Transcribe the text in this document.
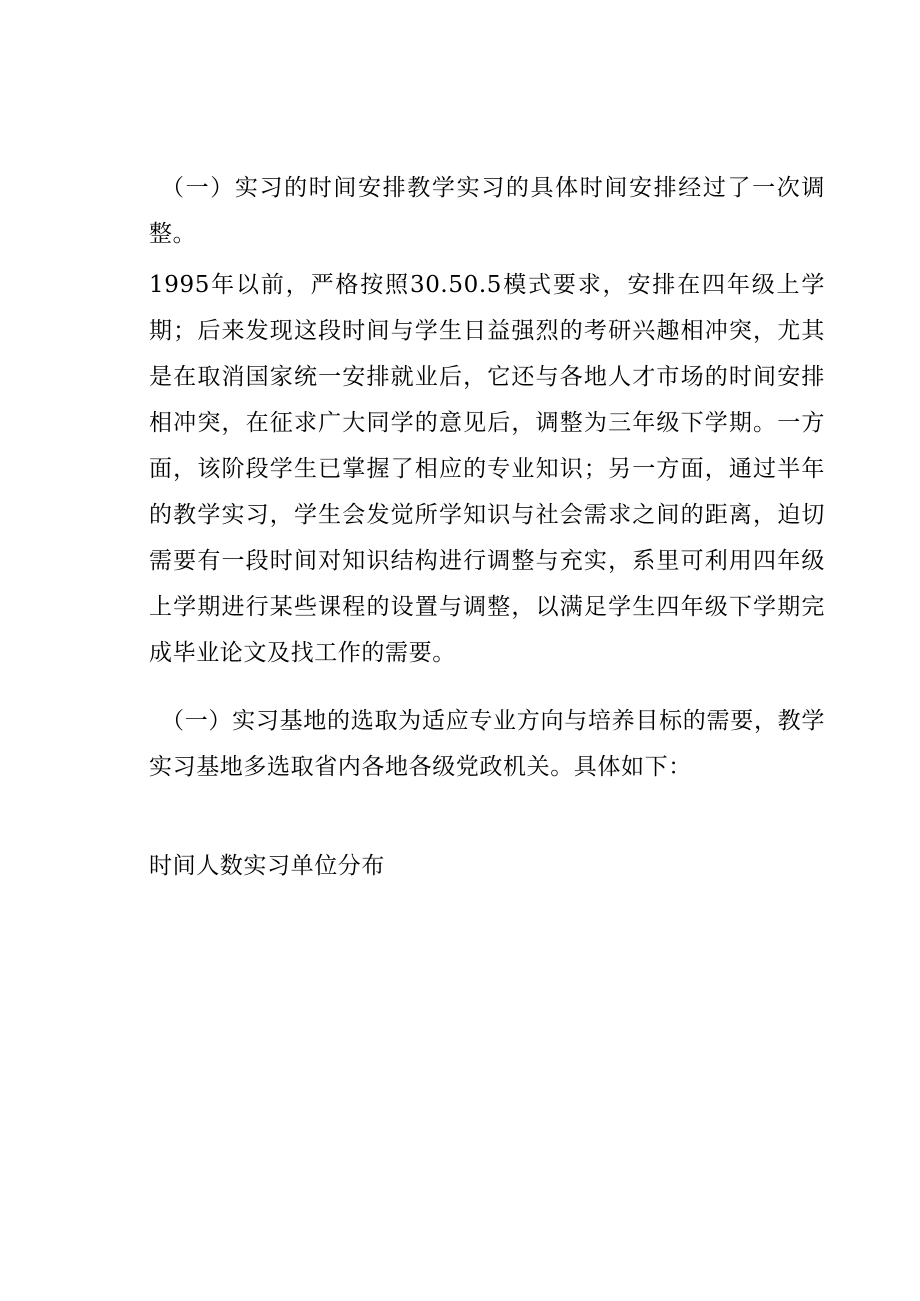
（一）实习的时间安排教学实习的具体时间安排经过了一次调整。

1995年以前，严格按照30.50.5模式要求，安排在四年级上学期；后来发现这段时间与学生日益强烈的考研兴趣相冲突，尤其是在取消国家统一安排就业后，它还与各地人才市场的时间安排相冲突，在征求广大同学的意见后，调整为三年级下学期。一方面，该阶段学生已掌握了相应的专业知识；另一方面，通过半年的教学实习，学生会发觉所学知识与社会需求之间的距离，迫切需要有一段时间对知识结构进行调整与充实，系里可利用四年级上学期进行某些课程的设置与调整，以满足学生四年级下学期完成毕业论文及找工作的需要。

（一）实习基地的选取为适应专业方向与培养目标的需要，教学实习基地多选取省内各地各级党政机关。具体如下：

时间人数实习单位分布
